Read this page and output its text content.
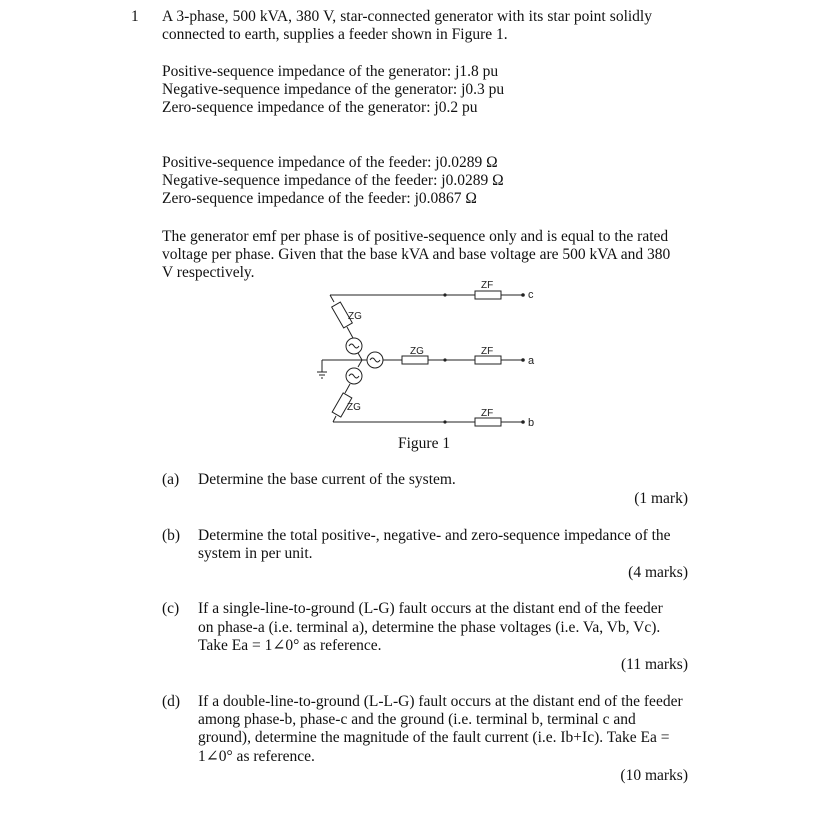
1 A 3-phase, 500 kVA, 380 V, star-connected generator with its star point solidly
connected to earth, supplies a feeder shown in Figure 1.
Positive-sequence impedance of the generator: j1.8 pu
Negative-sequence impedance of the generator: j0.3 pu
Zero-sequence impedance of the generator: j0.2 pu
Positive-sequence impedance of the feeder: j0.0289 Ω
Negative-sequence impedance of the feeder: j0.0289 Ω
Zero-sequence impedance of the feeder: j0.0867 Ω
The generator emf per phase is of positive-sequence only and is equal to the rated
voltage per phase. Given that the base kVA and base voltage are 500 kVA and 380
V respectively.
ZG
ZG
ZG
ZF
ZF
ZF
c
a
b
Figure 1
(a) Determine the base current of the system.
(1 mark)
(b) Determine the total positive-, negative- and zero-sequence impedance of the
system in per unit.
(4 marks)
(c) If a single-line-to-ground (L-G) fault occurs at the distant end of the feeder
on phase-a (i.e. terminal a), determine the phase voltages (i.e. Va, Vb, Vc).
Take Ea = 1∠0° as reference.
(11 marks)
(d) If a double-line-to-ground (L-L-G) fault occurs at the distant end of the feeder
among phase-b, phase-c and the ground (i.e. terminal b, terminal c and
ground), determine the magnitude of the fault current (i.e. Ib+Ic). Take Ea =
1∠0° as reference.
(10 marks)
